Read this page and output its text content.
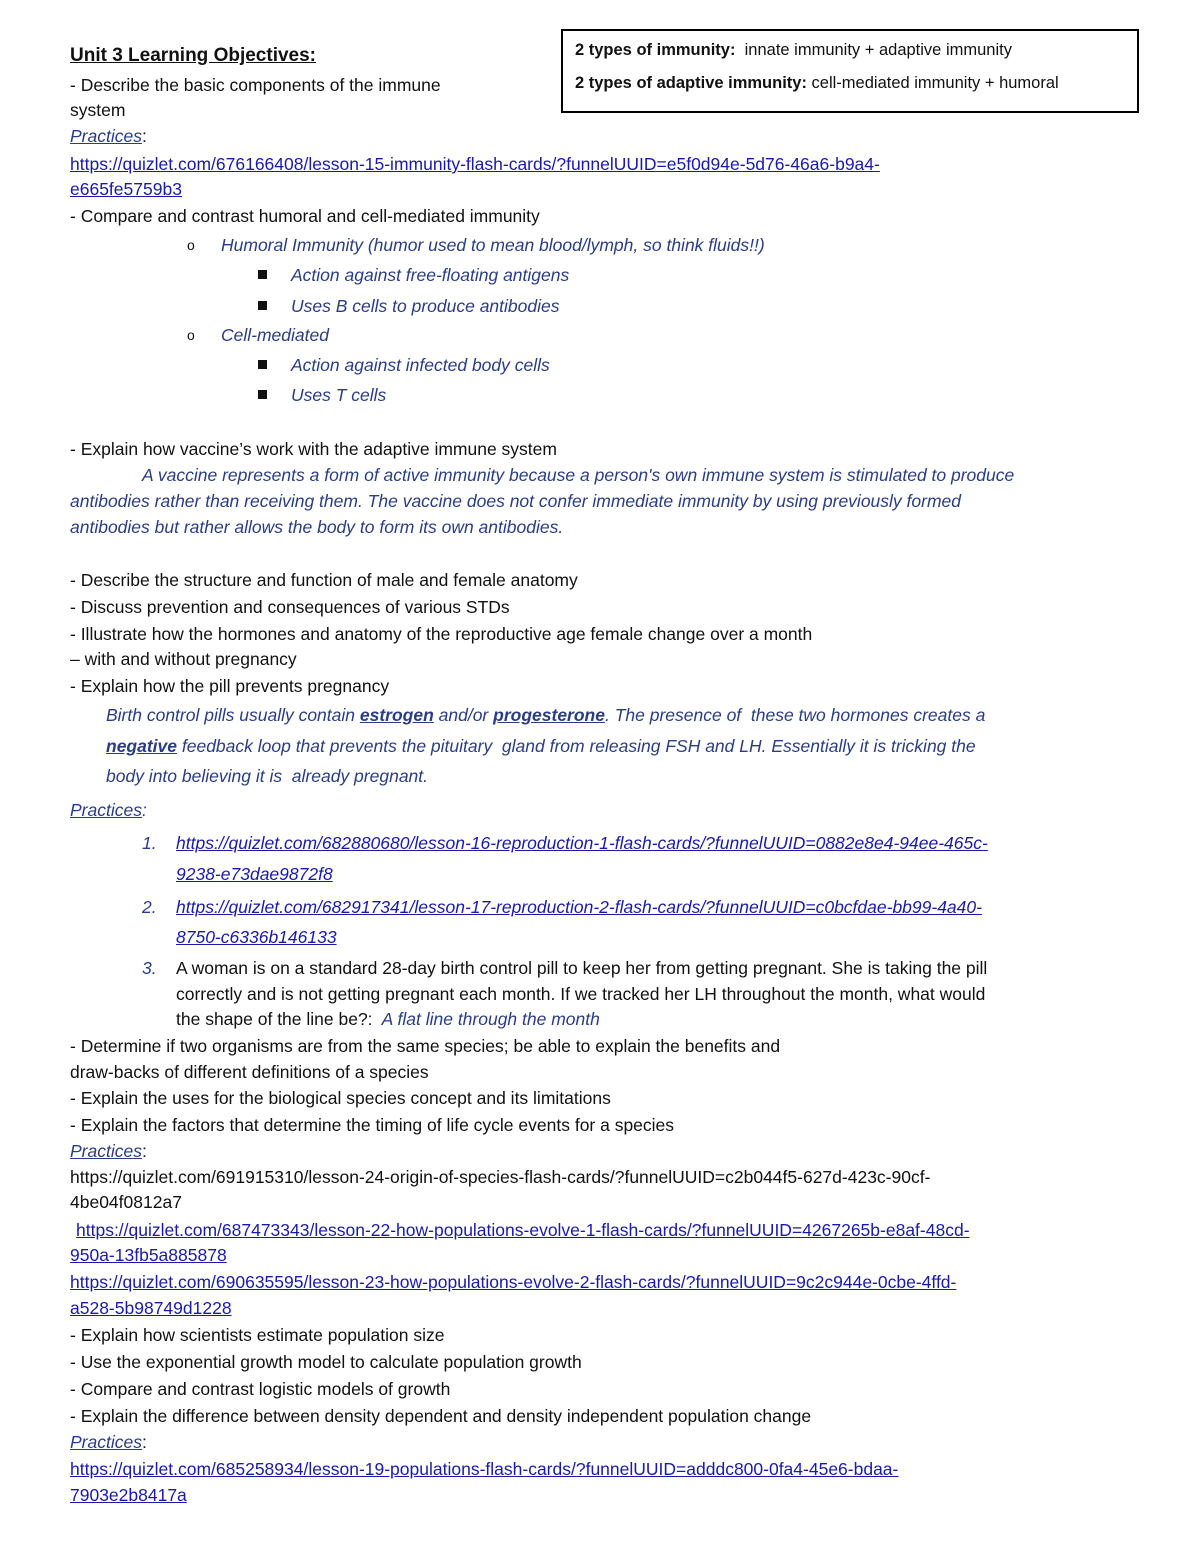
Unit 3 Learning Objectives:	2 types of immunity:  innate immunity + adaptive immunity
2 types of adaptive immunity: cell-mediated immunity + humoral
- Describe the basic components of the immune
system
Practices:
https://quizlet.com/676166408/lesson-15-immunity-flash-cards/?funnelUUID=e5f0d94e-5d76-46a6-b9a4-
e665fe5759b3
- Compare and contrast humoral and cell-mediated immunity
o Humoral Immunity (humor used to mean blood/lymph, so think fluids!!)
Action against free-floating antigens
Uses B cells to produce antibodies
o Cell-mediated
Action against infected body cells
Uses T cells
- Explain how vaccine’s work with the adaptive immune system
A vaccine represents a form of active immunity because a person's own immune system is stimulated to produce
antibodies rather than receiving them. The vaccine does not confer immediate immunity by using previously formed
antibodies but rather allows the body to form its own antibodies.
- Describe the structure and function of male and female anatomy
- Discuss prevention and consequences of various STDs
- Illustrate how the hormones and anatomy of the reproductive age female change over a month
– with and without pregnancy
- Explain how the pill prevents pregnancy
Birth control pills usually contain estrogen and/or progesterone. The presence of  these two hormones creates a
negative feedback loop that prevents the pituitary  gland from releasing FSH and LH. Essentially it is tricking the
body into believing it is  already pregnant.
Practices:
1. https://quizlet.com/682880680/lesson-16-reproduction-1-flash-cards/?funnelUUID=0882e8e4-94ee-465c-
9238-e73dae9872f8
2. https://quizlet.com/682917341/lesson-17-reproduction-2-flash-cards/?funnelUUID=c0bcfdae-bb99-4a40-
8750-c6336b146133
3. A woman is on a standard 28-day birth control pill to keep her from getting pregnant. She is taking the pill
correctly and is not getting pregnant each month. If we tracked her LH throughout the month, what would
the shape of the line be?:  A flat line through the month
- Determine if two organisms are from the same species; be able to explain the benefits and
draw-backs of different definitions of a species
- Explain the uses for the biological species concept and its limitations
- Explain the factors that determine the timing of life cycle events for a species
Practices:
https://quizlet.com/691915310/lesson-24-origin-of-species-flash-cards/?funnelUUID=c2b044f5-627d-423c-90cf-
4be04f0812a7
https://quizlet.com/687473343/lesson-22-how-populations-evolve-1-flash-cards/?funnelUUID=4267265b-e8af-48cd-
950a-13fb5a885878
https://quizlet.com/690635595/lesson-23-how-populations-evolve-2-flash-cards/?funnelUUID=9c2c944e-0cbe-4ffd-
a528-5b98749d1228
- Explain how scientists estimate population size
- Use the exponential growth model to calculate population growth
- Compare and contrast logistic models of growth
- Explain the difference between density dependent and density independent population change
Practices:
https://quizlet.com/685258934/lesson-19-populations-flash-cards/?funnelUUID=adddc800-0fa4-45e6-bdaa-
7903e2b8417a
